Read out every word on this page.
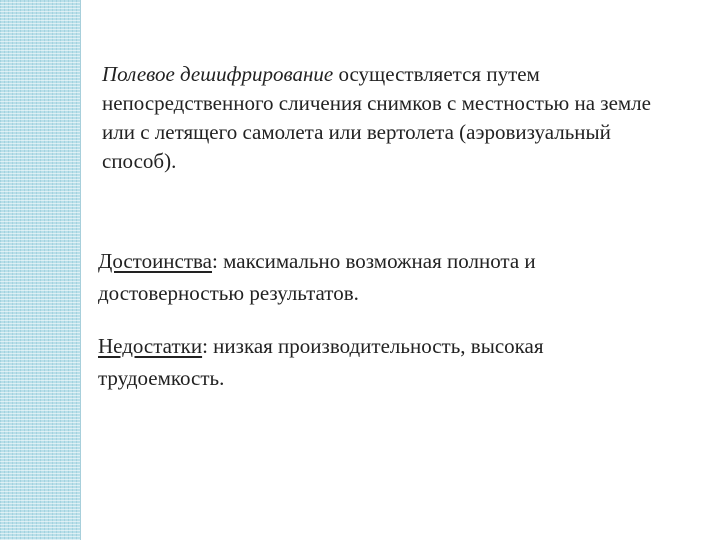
Полевое дешифрирование осуществляется путем непосредственного сличения снимков с местностью на земле или с летящего самолета или вертолета (аэровизуальный способ).

Достоинства: максимально возможная полнота и достоверностью результатов.

Недостатки: низкая производительность, высокая трудоемкость.
